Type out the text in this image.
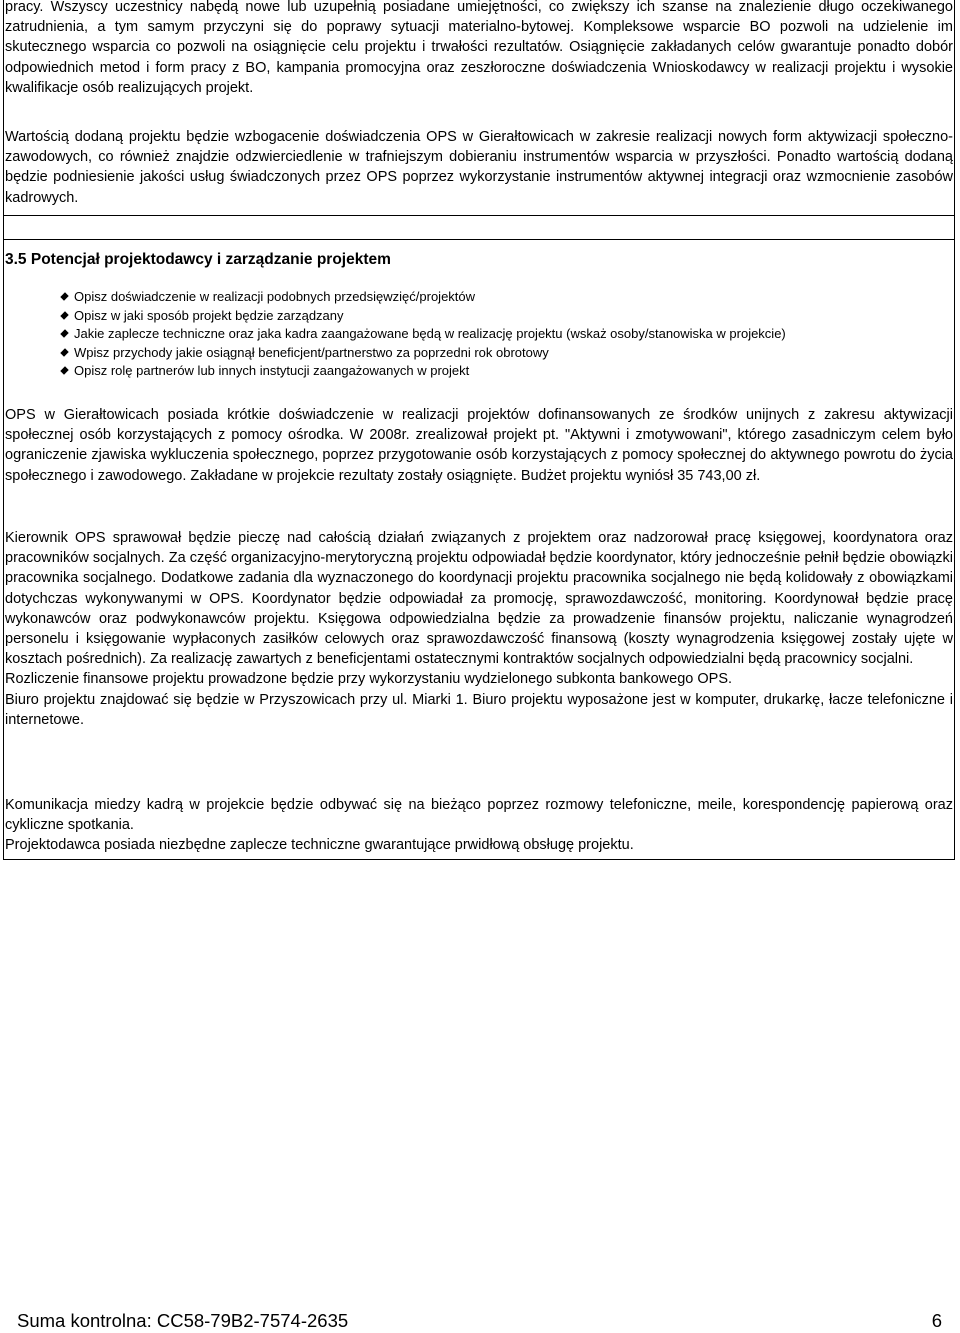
pracy. Wszyscy uczestnicy nabędą nowe lub uzupełnią posiadane umiejętności, co zwiększy ich szanse na znalezienie długo oczekiwanego zatrudnienia, a tym samym przyczyni się do poprawy sytuacji materialno-bytowej. Kompleksowe wsparcie BO pozwoli na udzielenie im skutecznego wsparcia co pozwoli na osiągnięcie celu projektu i trwałości rezultatów. Osiągnięcie zakładanych celów gwarantuje ponadto dobór odpowiednich metod i form pracy z BO, kampania promocyjna oraz zeszłoroczne doświadczenia Wnioskodawcy w realizacji projektu i wysokie kwalifikacje osób realizujących projekt.

Wartością dodaną projektu będzie wzbogacenie doświadczenia OPS w Gierałtowicach w zakresie realizacji nowych form aktywizacji społeczno-zawodowych, co również znajdzie odzwierciedlenie w trafniejszym dobieraniu instrumentów wsparcia w przyszłości. Ponadto wartością dodaną będzie podniesienie jakości usług świadczonych przez OPS poprzez wykorzystanie instrumentów aktywnej integracji oraz wzmocnienie zasobów kadrowych.

3.5 Potencjał projektodawcy i zarządzanie projektem
Opisz doświadczenie w realizacji podobnych przedsięwzięć/projektów
Opisz w jaki sposób projekt będzie zarządzany
Jakie zaplecze techniczne oraz jaka kadra zaangażowane będą w realizację projektu (wskaż osoby/stanowiska w projekcie)
Wpisz przychody jakie osiągnął beneficjent/partnerstwo za poprzedni rok obrotowy
Opisz rolę partnerów lub innych instytucji zaangażowanych w projekt

OPS w Gierałtowicach posiada krótkie doświadczenie w realizacji projektów dofinansowanych ze środków unijnych z zakresu aktywizacji społecznej osób korzystających z pomocy ośrodka. W 2008r. zrealizował projekt pt. "Aktywni i zmotywowani", którego zasadniczym celem było ograniczenie zjawiska wykluczenia społecznego, poprzez przygotowanie osób korzystających z pomocy społecznej do aktywnego powrotu do życia społecznego i zawodowego. Zakładane w projekcie rezultaty zostały osiągnięte. Budżet projektu wyniósł 35 743,00 zł.

Kierownik OPS sprawował będzie pieczę nad całością działań związanych z projektem oraz nadzorował pracę księgowej, koordynatora oraz pracowników socjalnych. Za część organizacyjno-merytoryczną projektu odpowiadał będzie koordynator, który jednocześnie pełnił będzie obowiązki pracownika socjalnego. Dodatkowe zadania dla wyznaczonego do koordynacji projektu pracownika socjalnego nie będą kolidowały z obowiązkami dotychczas wykonywanymi w OPS. Koordynator będzie odpowiadał za promocję, sprawozdawczość, monitoring. Koordynował będzie pracę wykonawców oraz podwykonawców projektu. Księgowa odpowiedzialna będzie za prowadzenie finansów projektu, naliczanie wynagrodzeń personelu i księgowanie wypłaconych zasiłków celowych oraz sprawozdawczość finansową (koszty wynagrodzenia księgowej zostały ujęte w kosztach pośrednich). Za realizację zawartych z beneficjentami ostatecznymi kontraktów socjalnych odpowiedzialni będą pracownicy socjalni.
Rozliczenie finansowe projektu prowadzone będzie przy wykorzystaniu wydzielonego subkonta bankowego OPS.
Biuro projektu znajdować się będzie w Przyszowicach przy ul. Miarki 1. Biuro projektu wyposażone jest w komputer, drukarkę, łacze telefoniczne i internetowe.
Komunikacja miedzy kadrą w projekcie będzie odbywać się na bieżąco poprzez rozmowy telefoniczne, meile, korespondencję papierową oraz cykliczne spotkania.
Projektodawca posiada niezbędne zaplecze techniczne gwarantujące prwidłową obsługę projektu.
Suma kontrolna: CC58-79B2-7574-2635	6
